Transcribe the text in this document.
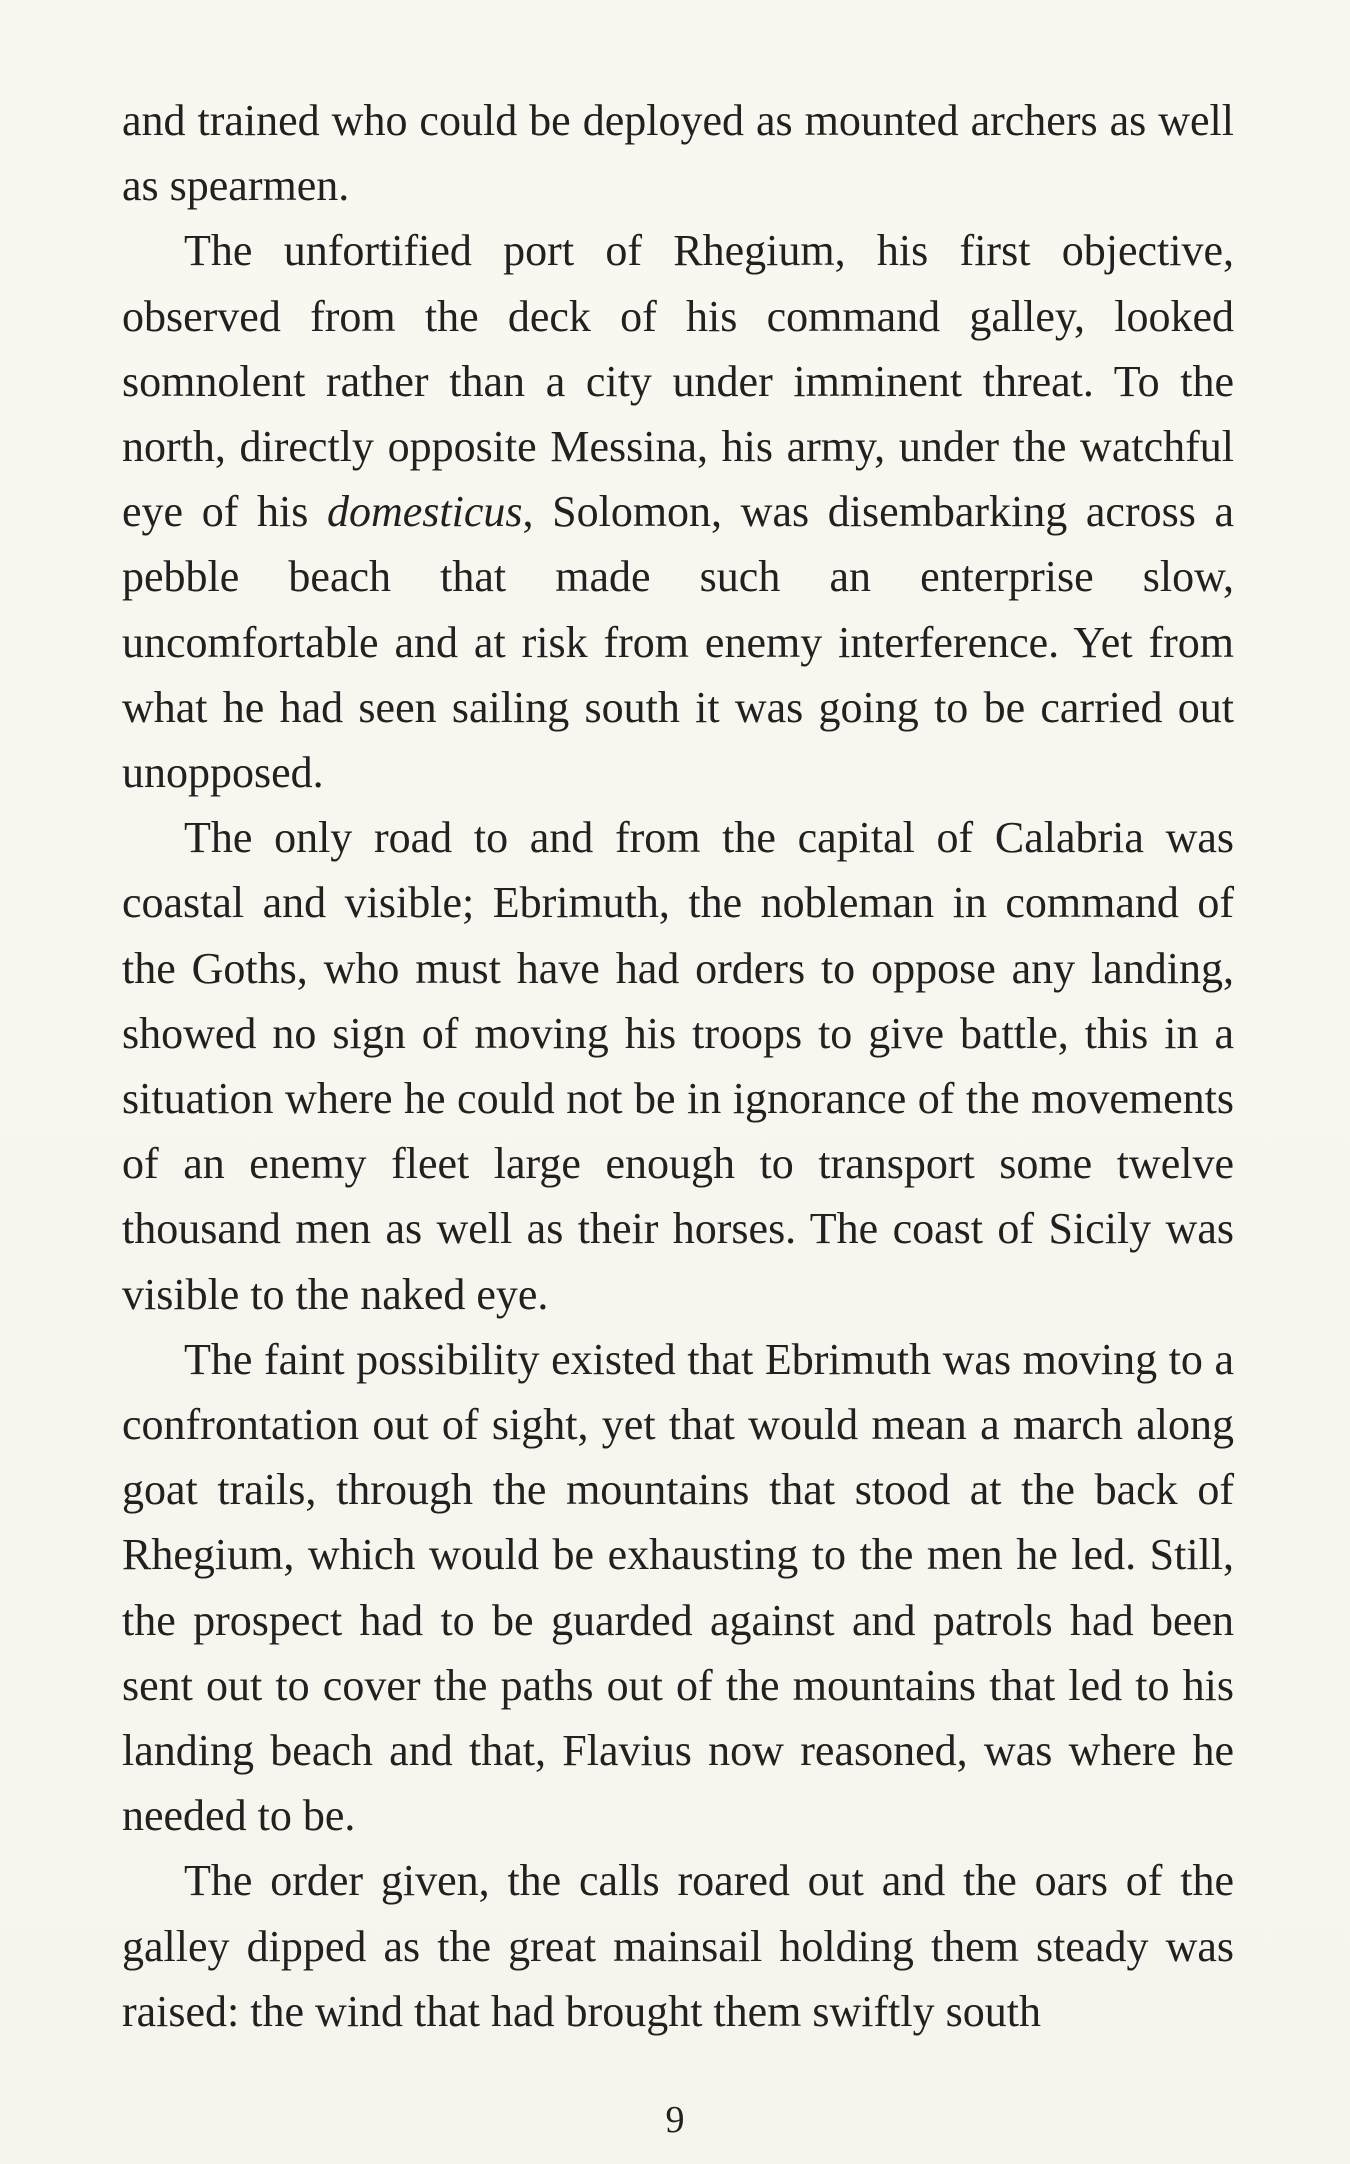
and trained who could be deployed as mounted archers as well as spearmen.

The unfortified port of Rhegium, his first objective, observed from the deck of his command galley, looked somnolent rather than a city under imminent threat. To the north, directly opposite Messina, his army, under the watchful eye of his domesticus, Solomon, was disembarking across a pebble beach that made such an enterprise slow, uncomfortable and at risk from enemy interference. Yet from what he had seen sailing south it was going to be carried out unopposed.

The only road to and from the capital of Calabria was coastal and visible; Ebrimuth, the nobleman in command of the Goths, who must have had orders to oppose any landing, showed no sign of moving his troops to give battle, this in a situation where he could not be in ignorance of the movements of an enemy fleet large enough to transport some twelve thousand men as well as their horses. The coast of Sicily was visible to the naked eye.

The faint possibility existed that Ebrimuth was moving to a confrontation out of sight, yet that would mean a march along goat trails, through the mountains that stood at the back of Rhegium, which would be exhausting to the men he led. Still, the prospect had to be guarded against and patrols had been sent out to cover the paths out of the mountains that led to his landing beach and that, Flavius now reasoned, was where he needed to be.

The order given, the calls roared out and the oars of the galley dipped as the great mainsail holding them steady was raised: the wind that had brought them swiftly south

9
